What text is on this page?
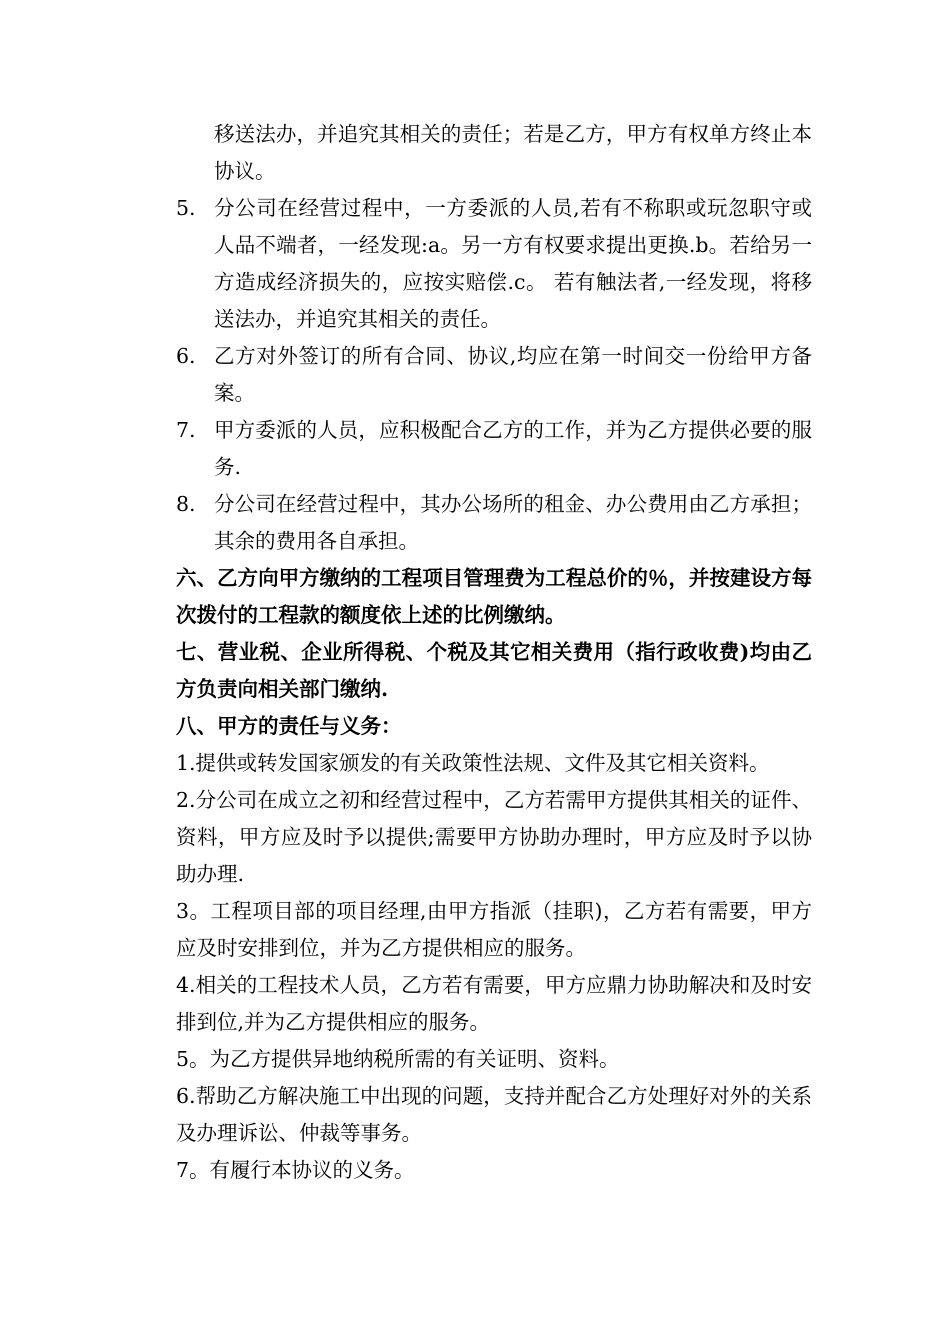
移送法办，并追究其相关的责任；若是乙方，甲方有权单方终止本协议。

5. 分公司在经营过程中，一方委派的人员,若有不称职或玩忽职守或人品不端者，一经发现:a。另一方有权要求提出更换.b。若给另一方造成经济损失的，应按实赔偿.c。 若有触法者,一经发现，将移送法办，并追究其相关的责任。
6. 乙方对外签订的所有合同、协议,均应在第一时间交一份给甲方备案。
7. 甲方委派的人员，应积极配合乙方的工作，并为乙方提供必要的服务.
8. 分公司在经营过程中，其办公场所的租金、办公费用由乙方承担；其余的费用各自承担。

六、乙方向甲方缴纳的工程项目管理费为工程总价的％，并按建设方每次拨付的工程款的额度依上述的比例缴纳。

七、营业税、企业所得税、个税及其它相关费用（指行政收费)均由乙方负责向相关部门缴纳.

八、甲方的责任与义务：

1.提供或转发国家颁发的有关政策性法规、文件及其它相关资料。

2.分公司在成立之初和经营过程中，乙方若需甲方提供其相关的证件、资料，甲方应及时予以提供;需要甲方协助办理时，甲方应及时予以协助办理.

3。工程项目部的项目经理,由甲方指派（挂职)，乙方若有需要，甲方应及时安排到位，并为乙方提供相应的服务。

4.相关的工程技术人员，乙方若有需要，甲方应鼎力协助解决和及时安排到位,并为乙方提供相应的服务。

5。为乙方提供异地纳税所需的有关证明、资料。

6.帮助乙方解决施工中出现的问题，支持并配合乙方处理好对外的关系及办理诉讼、仲裁等事务。

7。有履行本协议的义务。
